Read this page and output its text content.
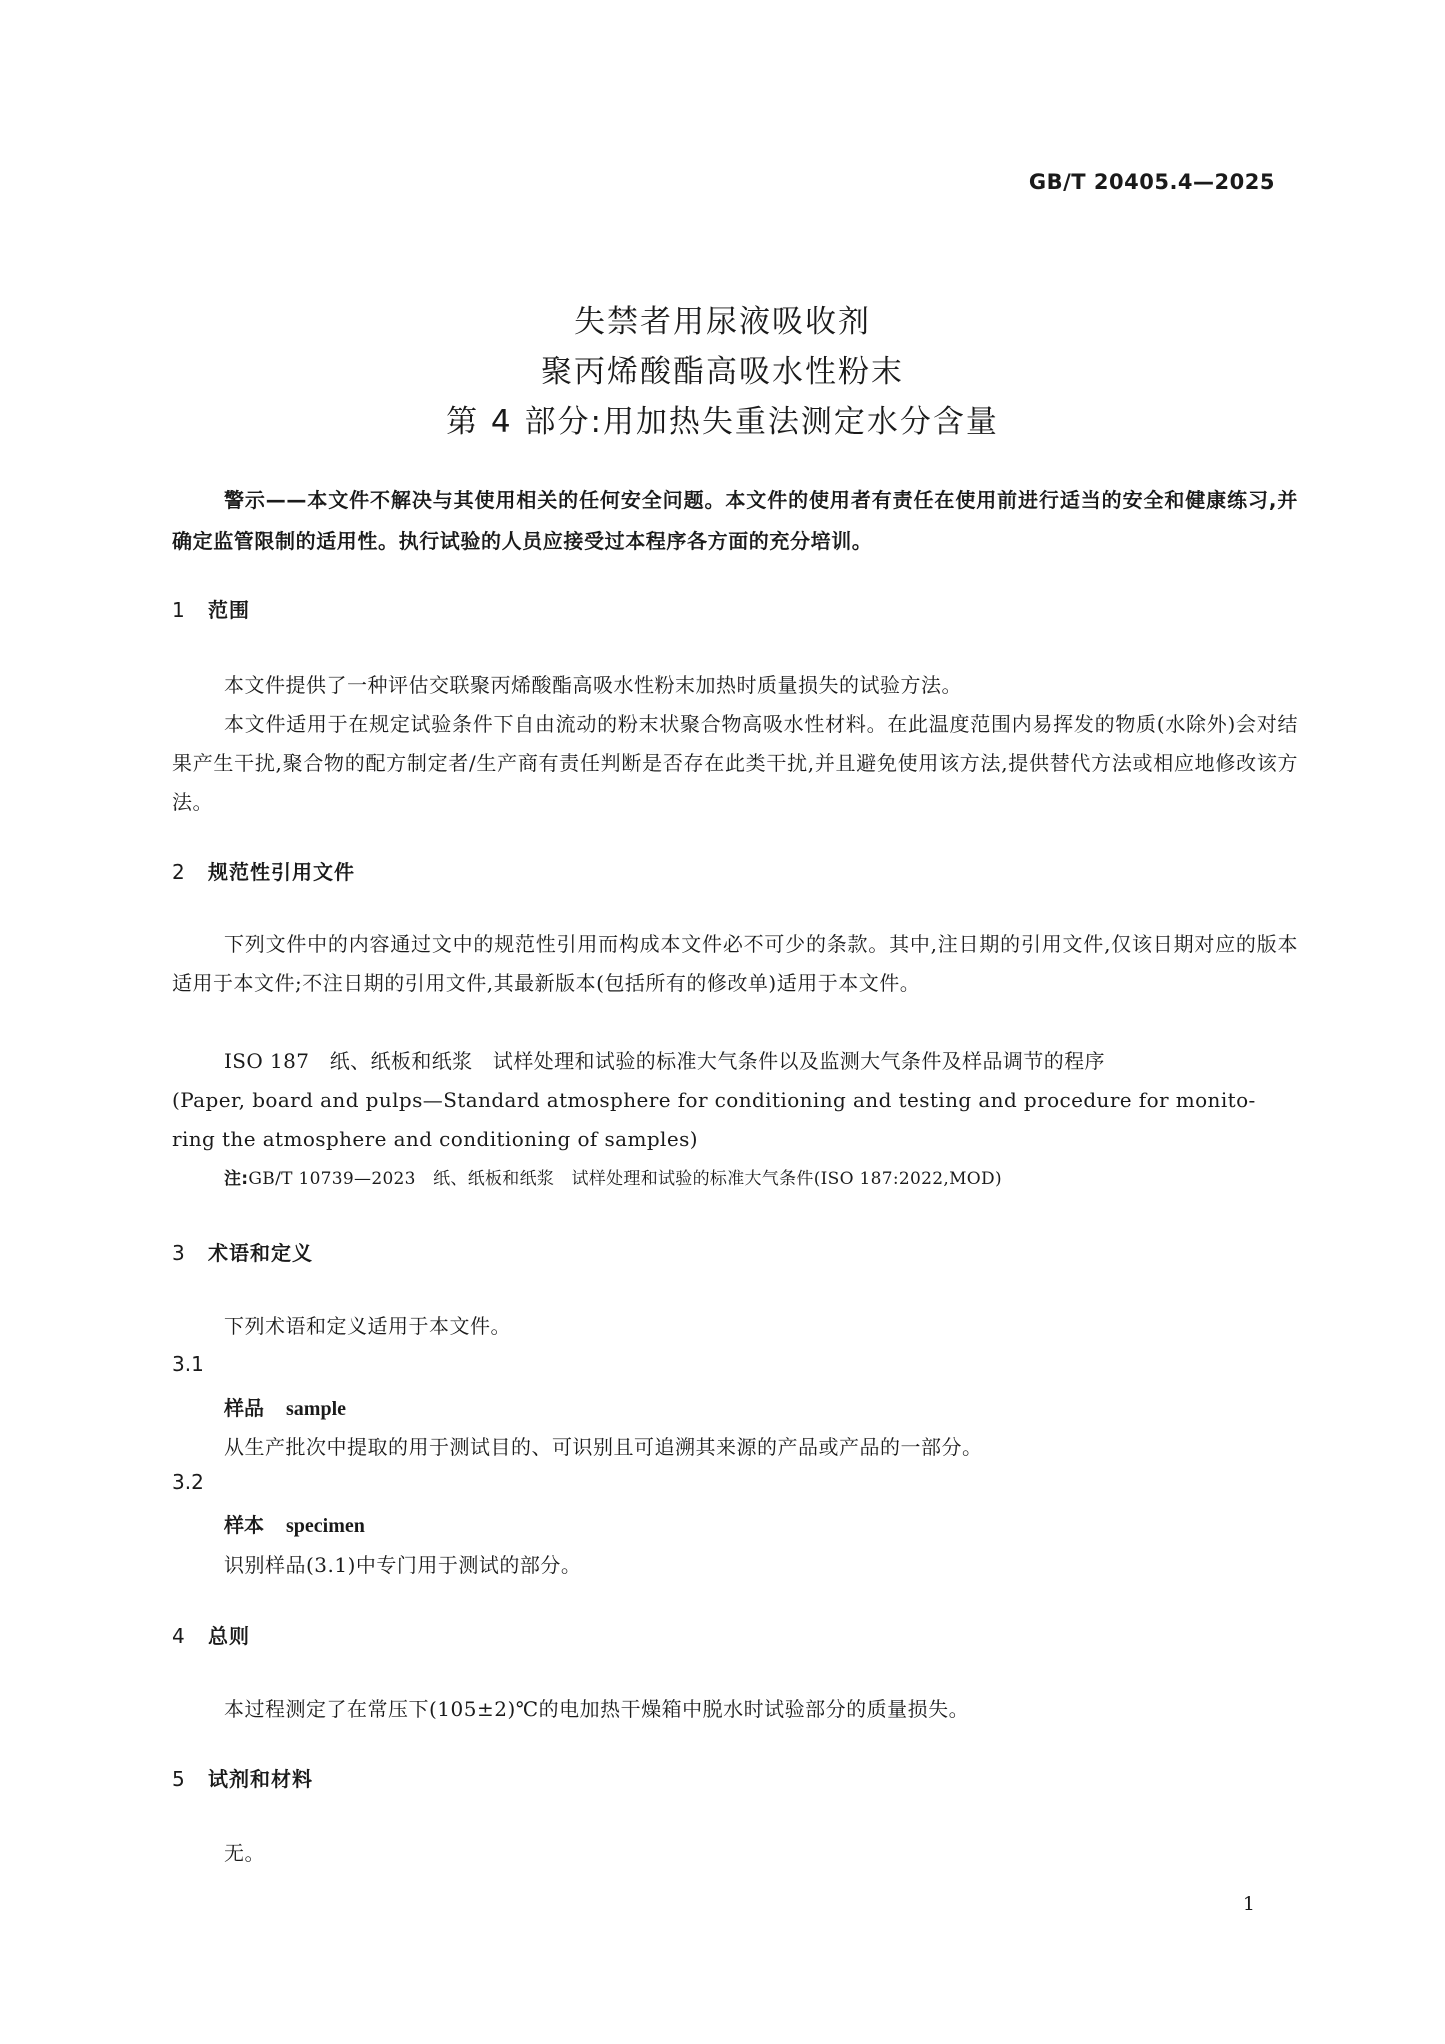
GB/T 20405.4—2025
失禁者用尿液吸收剂
聚丙烯酸酯高吸水性粉末
第 4 部分:用加热失重法测定水分含量
警示——本文件不解决与其使用相关的任何安全问题。本文件的使用者有责任在使用前进行适当的安全和健康练习,并确定监管限制的适用性。执行试验的人员应接受过本程序各方面的充分培训。
1 范围
本文件提供了一种评估交联聚丙烯酸酯高吸水性粉末加热时质量损失的试验方法。
本文件适用于在规定试验条件下自由流动的粉末状聚合物高吸水性材料。在此温度范围内易挥发的物质(水除外)会对结果产生干扰,聚合物的配方制定者/生产商有责任判断是否存在此类干扰,并且避免使用该方法,提供替代方法或相应地修改该方法。
2 规范性引用文件
下列文件中的内容通过文中的规范性引用而构成本文件必不可少的条款。其中,注日期的引用文件,仅该日期对应的版本适用于本文件;不注日期的引用文件,其最新版本(包括所有的修改单)适用于本文件。
ISO 187　纸、纸板和纸浆　试样处理和试验的标准大气条件以及监测大气条件及样品调节的程序
(Paper, board and pulps—Standard atmosphere for conditioning and testing and procedure for monito-
ring the atmosphere and conditioning of samples)
注:GB/T 10739—2023　纸、纸板和纸浆　试样处理和试验的标准大气条件(ISO 187:2022,MOD)
3 术语和定义
下列术语和定义适用于本文件。
3.1
样品 sample
从生产批次中提取的用于测试目的、可识别且可追溯其来源的产品或产品的一部分。
3.2
样本 specimen
识别样品(3.1)中专门用于测试的部分。
4 总则
本过程测定了在常压下(105±2)℃的电加热干燥箱中脱水时试验部分的质量损失。
5 试剂和材料
无。
1
